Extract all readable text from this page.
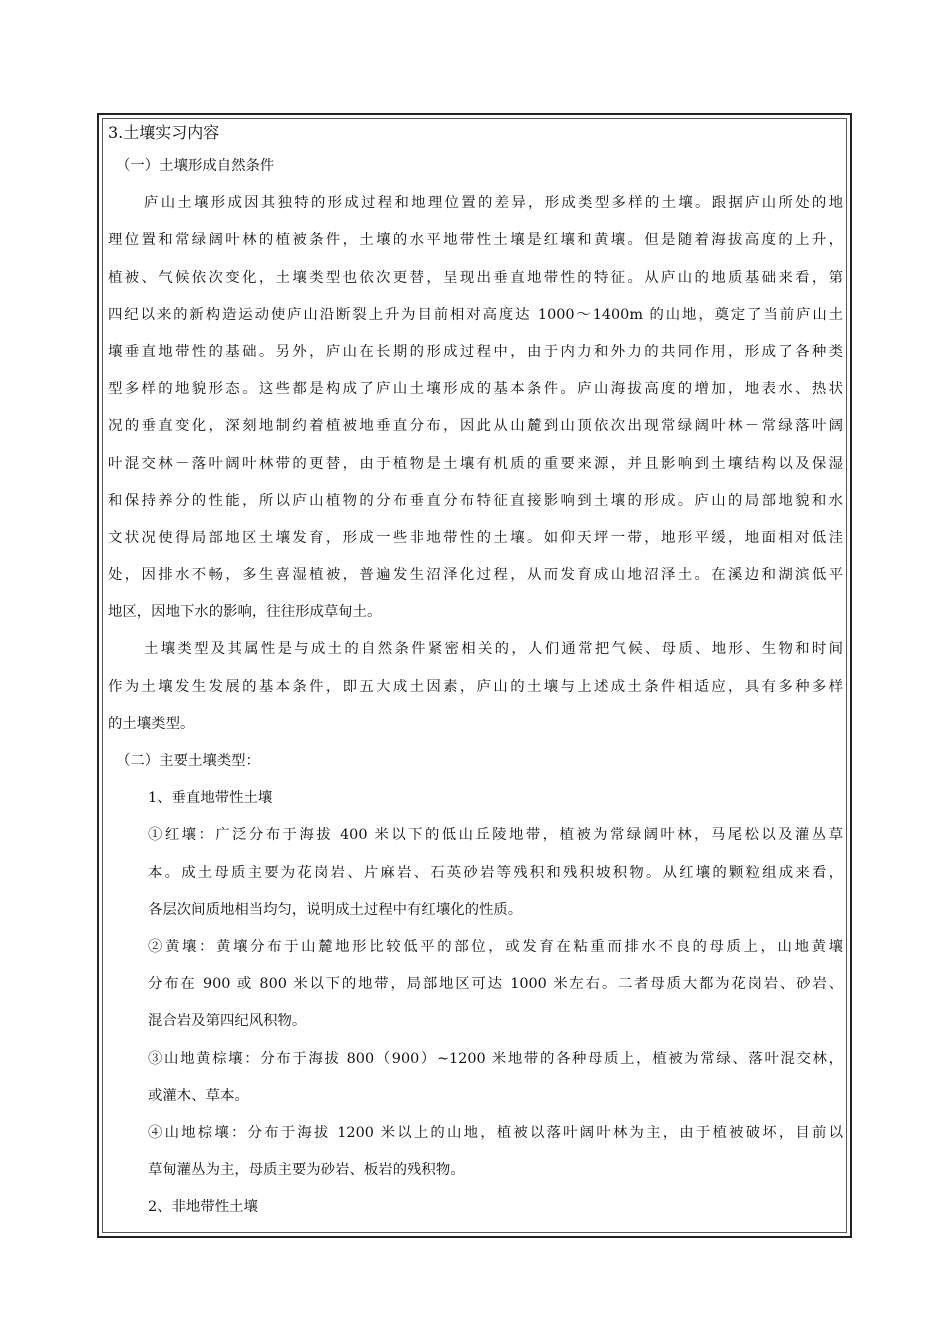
3.土壤实习内容
（一）土壤形成自然条件
庐山土壤形成因其独特的形成过程和地理位置的差异，形成类型多样的土壤。跟据庐山所处的地
理位置和常绿阔叶林的植被条件，土壤的水平地带性土壤是红壤和黄壤。但是随着海拔高度的上升，
植被、气候依次变化，土壤类型也依次更替，呈现出垂直地带性的特征。从庐山的地质基础来看，第
四纪以来的新构造运动使庐山沿断裂上升为目前相对高度达 1000～1400m 的山地，奠定了当前庐山土
壤垂直地带性的基础。另外，庐山在长期的形成过程中，由于内力和外力的共同作用，形成了各种类
型多样的地貌形态。这些都是构成了庐山土壤形成的基本条件。庐山海拔高度的增加，地表水、热状
况的垂直变化，深刻地制约着植被地垂直分布，因此从山麓到山顶依次出现常绿阔叶林－常绿落叶阔
叶混交林－落叶阔叶林带的更替，由于植物是土壤有机质的重要来源，并且影响到土壤结构以及保湿
和保持养分的性能，所以庐山植物的分布垂直分布特征直接影响到土壤的形成。庐山的局部地貌和水
文状况使得局部地区土壤发育，形成一些非地带性的土壤。如仰天坪一带，地形平缓，地面相对低洼
处，因排水不畅，多生喜湿植被，普遍发生沼泽化过程，从而发育成山地沼泽土。在溪边和湖滨低平
地区，因地下水的影响，往往形成草甸土。
土壤类型及其属性是与成土的自然条件紧密相关的，人们通常把气候、母质、地形、生物和时间
作为土壤发生发展的基本条件，即五大成土因素，庐山的土壤与上述成土条件相适应，具有多种多样
的土壤类型。
（二）主要土壤类型：
1、垂直地带性土壤
①红壤：广泛分布于海拔 400 米以下的低山丘陵地带，植被为常绿阔叶林，马尾松以及灌丛草
本。成土母质主要为花岗岩、片麻岩、石英砂岩等残积和残积坡积物。从红壤的颗粒组成来看，
各层次间质地相当均匀，说明成土过程中有红壤化的性质。
②黄壤：黄壤分布于山麓地形比较低平的部位，或发育在粘重而排水不良的母质上，山地黄壤
分布在 900 或 800 米以下的地带，局部地区可达 1000 米左右。二者母质大都为花岗岩、砂岩、
混合岩及第四纪风积物。
③山地黄棕壤：分布于海拔 800（900）~1200 米地带的各种母质上，植被为常绿、落叶混交林，
或灌木、草本。
④山地棕壤：分布于海拔 1200 米以上的山地，植被以落叶阔叶林为主，由于植被破坏，目前以
草甸灌丛为主，母质主要为砂岩、板岩的残积物。
2、非地带性土壤
